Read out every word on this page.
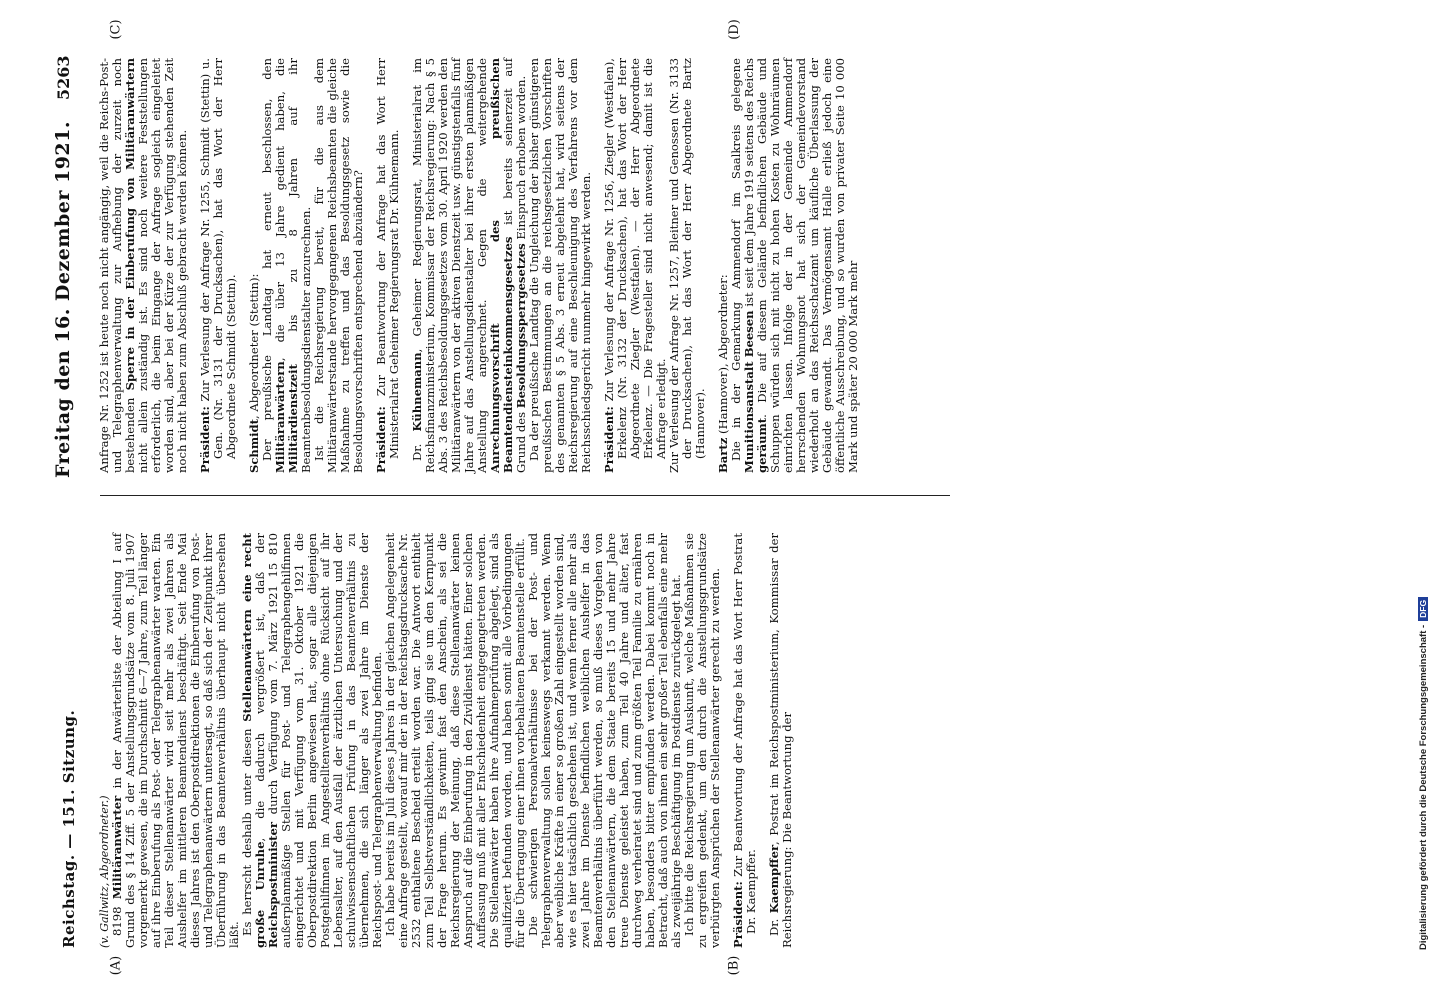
Reichstag. — 151. Sitzung.
Freitag den 16. Dezember 1921.
5263

(v. Gallwitz, Abgeordneter.) 8198 Militäranwärter in der Anwärterliste der Abteilung I auf Grund des § 14 Ziff. 5 der Anstellungsgrundsätze vom 8. Juli 1907 vorgemerkt gewesen, die im Durchschnitt 6—7 Jahre, zum Teil länger auf ihre Einberufung als Post- oder Telegraphenanwärter warten. Ein Teil dieser Stellenanwärter wird seit mehr als zwei Jahren als Aushelfer im mittleren Beamtendienst beschäftigt. Seit Ende Mai dieses Jahres ist den Oberpostdirektionen die Einberufung von Post- und Telegraphenanwärtern untersagt, so daß sich der Zeitpunkt ihrer Überführung in das Beamtenverhältnis überhaupt nicht übersehen läßt. Es herrscht deshalb unter diesen Stellenanwärtern eine recht große Unruhe, die dadurch vergrößert ist, daß der Reichspostminister durch Verfügung vom 7. März 1921 15 810 außerplanmäßige Stellen für Post- und Telegraphengehilfinnen eingerichtet und mit Verfügung vom 31. Oktober 1921 die Oberpostdirektion Berlin angewiesen hat, sogar alle diejenigen Postgehilfinnen im Angestelltenverhältnis ohne Rücksicht auf ihr Lebensalter, auf den Ausfall der ärztlichen Untersuchung und der schulwissenschaftlichen Prüfung in das Beamtenverhältnis zu übernehmen, die sich länger als zwei Jahre im Dienste der Reichspost- und Telegraphenverwaltung befinden. Ich habe bereits im Juli dieses Jahres in der gleichen Angelegenheit eine Anfrage gestellt, worauf mir der in der Reichstagsdrucksache Nr. 2532 enthaltene Bescheid erteilt worden war. Die Antwort enthielt zum Teil Selbstverständlichkeiten, teils ging sie um den Kernpunkt der Frage herum. Es gewinnt fast den Anschein, als sei die Reichsregierung der Meinung, daß diese Stellenanwärter keinen Anspruch auf die Einberufung in den Zivildienst hätten. Einer solchen Auffassung muß mit aller Entschiedenheit entgegengetreten werden. Die Stellenanwärter haben ihre Aufnahmeprüfung abgelegt, sind als qualifiziert befunden worden, und haben somit alle Vorbedingungen für die Übertragung einer ihnen vorbehaltenen Beamtenstelle erfüllt. Die schwierigen Personalverhältnisse bei der Post- und Telegraphenverwaltung sollen keineswegs verkannt werden. Wenn aber weibliche Kräfte in einer so großen Zahl eingestellt worden sind, wie es hier tatsächlich geschehen ist, und wenn ferner alle mehr als zwei Jahre im Dienste befindlichen weiblichen Aushelfer in das Beamtenverhältnis überführt werden, so muß dieses Vorgehen von den Stellenanwärtern, die dem Staate bereits 15 und mehr Jahre treue Dienste geleistet haben, zum Teil 40 Jahre und älter, fast durchweg verheiratet sind und zum größten Teil Familie zu ernähren haben, besonders bitter empfunden werden. Dabei kommt noch in Betracht, daß auch von ihnen ein sehr großer Teil ebenfalls eine mehr als zweijährige Beschäftigung im Postdienste zurückgelegt hat. Ich bitte die Reichsregierung um Auskunft, welche Maßnahmen sie zu ergreifen gedenkt, um den durch die Anstellungsgrundsätze verbürgten Ansprüchen der Stellenanwärter gerecht zu werden. Präsident: Zur Beantwortung der Anfrage hat das Wort Herr Postrat Dr. Kaempffer. Dr. Kaempffer, Postrat im Reichspostministerium, Kommissar der Reichsregierung: Die Beantwortung der

Anfrage Nr. 1252 ist heute noch nicht angängig, weil die Reichs-Post- und Telegraphenverwaltung zur Aufhebung der zurzeit noch bestehenden Sperre in der Einberufung von Militäranwärtern nicht allein zuständig ist. Es sind noch weitere Feststellungen erforderlich, die beim Eingange der Anfrage sogleich eingeleitet worden sind, aber bei der Kürze der zur Verfügung stehenden Zeit noch nicht haben zum Abschluß gebracht werden können. Präsident: Zur Verlesung der Anfrage Nr. 1255, Schmidt (Stettin) u. Gen. (Nr. 3131 der Drucksachen), hat das Wort der Herr Abgeordnete Schmidt (Stettin). Schmidt, Abgeordneter (Stettin): Der preußische Landtag hat erneut beschlossen, den Militäranwärtern, die über 13 Jahre gedient haben, die Militärdienstzeit bis zu 8 Jahren auf ihr Beamtenbesoldungsdienstalter anzurechnen. Ist die Reichsregierung bereit, für die aus dem Militäranwärterstande hervorgegangenen Reichsbeamten die gleiche Maßnahme zu treffen und das Besoldungsgesetz sowie die Besoldungsvorschriften entsprechend abzuändern? Präsident: Zur Beantwortung der Anfrage hat das Wort Herr Ministerialrat Geheimer Regierungsrat Dr. Kühnemann. Dr. Kühnemann, Geheimer Regierungsrat, Ministerialrat im Reichsfinanzministerium, Kommissar der Reichsregierung: Nach § 5 Abs. 3 des Reichsbesoldungsgesetzes vom 30. April 1920 werden den Militäranwärtern von der aktiven Dienstzeit usw. günstigstenfalls fünf Jahre auf das Anstellungsdienstalter bei ihrer ersten planmäßigen Anstellung angerechnet. Gegen die weitergehende Anrechnungsvorschrift des preußischen Beamtendiensteinkommensgesetzes ist bereits seinerzeit auf Grund des Besoldungssperrgesetzes Einspruch erhoben worden. Da der preußische Landtag die Ungleichung der bisher günstigeren preußischen Bestimmungen an die reichsgesetzlichen Vorschriften des genannten § 5 Abs. 3 erneut abgelehnt hat, wird seitens der Reichsregierung auf eine Beschleunigung des Verfahrens vor dem Reichsschiedsgericht nunmehr hingewirkt werden. Präsident: Zur Verlesung der Anfrage Nr. 1256, Ziegler (Westfalen), Erkelenz (Nr. 3132 der Drucksachen), hat das Wort der Herr Abgeordnete Ziegler (Westfalen). — der Herr Abgeordnete Erkelenz. — Die Fragesteller sind nicht anwesend; damit ist die Anfrage erledigt. Zur Verlesung der Anfrage Nr. 1257, Bleitner und Genossen (Nr. 3133 der Drucksachen), hat das Wort der Herr Abgeordnete Bartz (Hannover). Bartz (Hannover), Abgeordneter: Die in der Gemarkung Ammendorf im Saalkreis gelegene Munitionsanstalt Beesen ist seit dem Jahre 1919 seitens des Reichs geräumt. Die auf diesem Gelände befindlichen Gebäude und Schuppen würden sich mit nicht zu hohen Kosten zu Wohnräumen einrichten lassen. Infolge der in der Gemeinde Ammendorf herrschenden Wohnungsnot hat sich der Gemeindevorstand wiederholt an das Reichsschatzamt um käufliche Überlassung der Gebäude gewandt. Das Vermögensamt Halle erließ jedoch eine öffentliche Ausschreibung, und so wurden von privater Seite 10 000 Mark und später 20 000 Mark mehr

(A)	(B)
(C)	(D)
Digitalisierung gefördert durch die Deutsche Forschungsgemeinschaft -DFG
